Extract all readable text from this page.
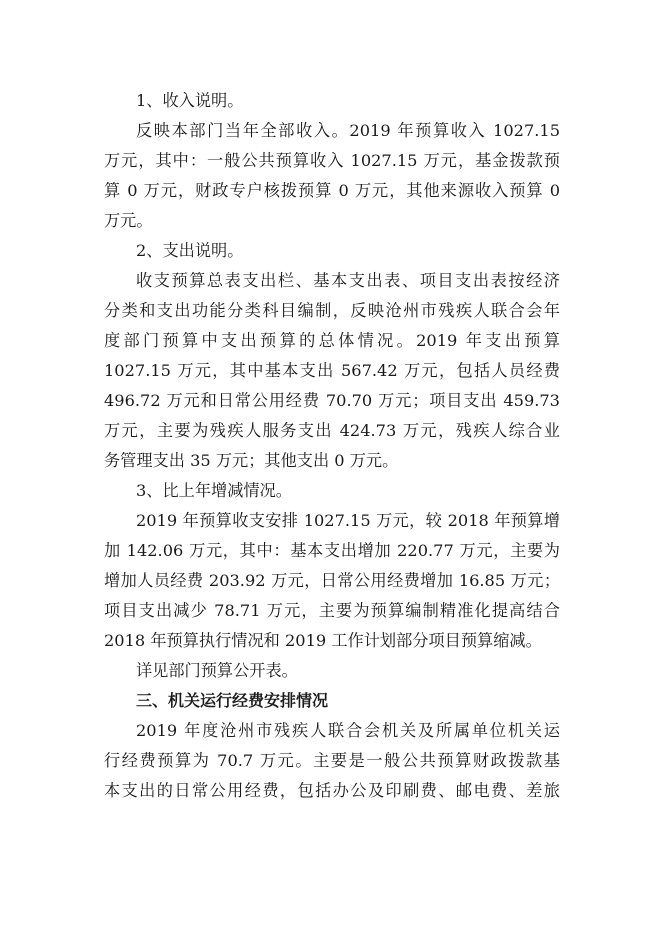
1、收入说明。
反映本部门当年全部收入。2019 年预算收入 1027.15
万元，其中：一般公共预算收入 1027.15 万元，基金拨款预
算 0 万元，财政专户核拨预算 0 万元，其他来源收入预算 0
万元。
2、支出说明。
收支预算总表支出栏、基本支出表、项目支出表按经济
分类和支出功能分类科目编制，反映沧州市残疾人联合会年
度部门预算中支出预算的总体情况。2019 年支出预算
1027.15 万元，其中基本支出 567.42 万元，包括人员经费
496.72 万元和日常公用经费 70.70 万元；项目支出 459.73
万元，主要为残疾人服务支出 424.73 万元，残疾人综合业
务管理支出 35 万元；其他支出 0 万元。
3、比上年增减情况。
2019 年预算收支安排 1027.15 万元，较 2018 年预算增
加 142.06 万元，其中：基本支出增加 220.77 万元，主要为
增加人员经费 203.92 万元，日常公用经费增加 16.85 万元；
项目支出减少 78.71 万元，主要为预算编制精准化提高结合
2018 年预算执行情况和 2019 工作计划部分项目预算缩减。
详见部门预算公开表。
三、机关运行经费安排情况
2019 年度沧州市残疾人联合会机关及所属单位机关运
行经费预算为 70.7 万元。主要是一般公共预算财政拨款基
本支出的日常公用经费，包括办公及印刷费、邮电费、差旅
